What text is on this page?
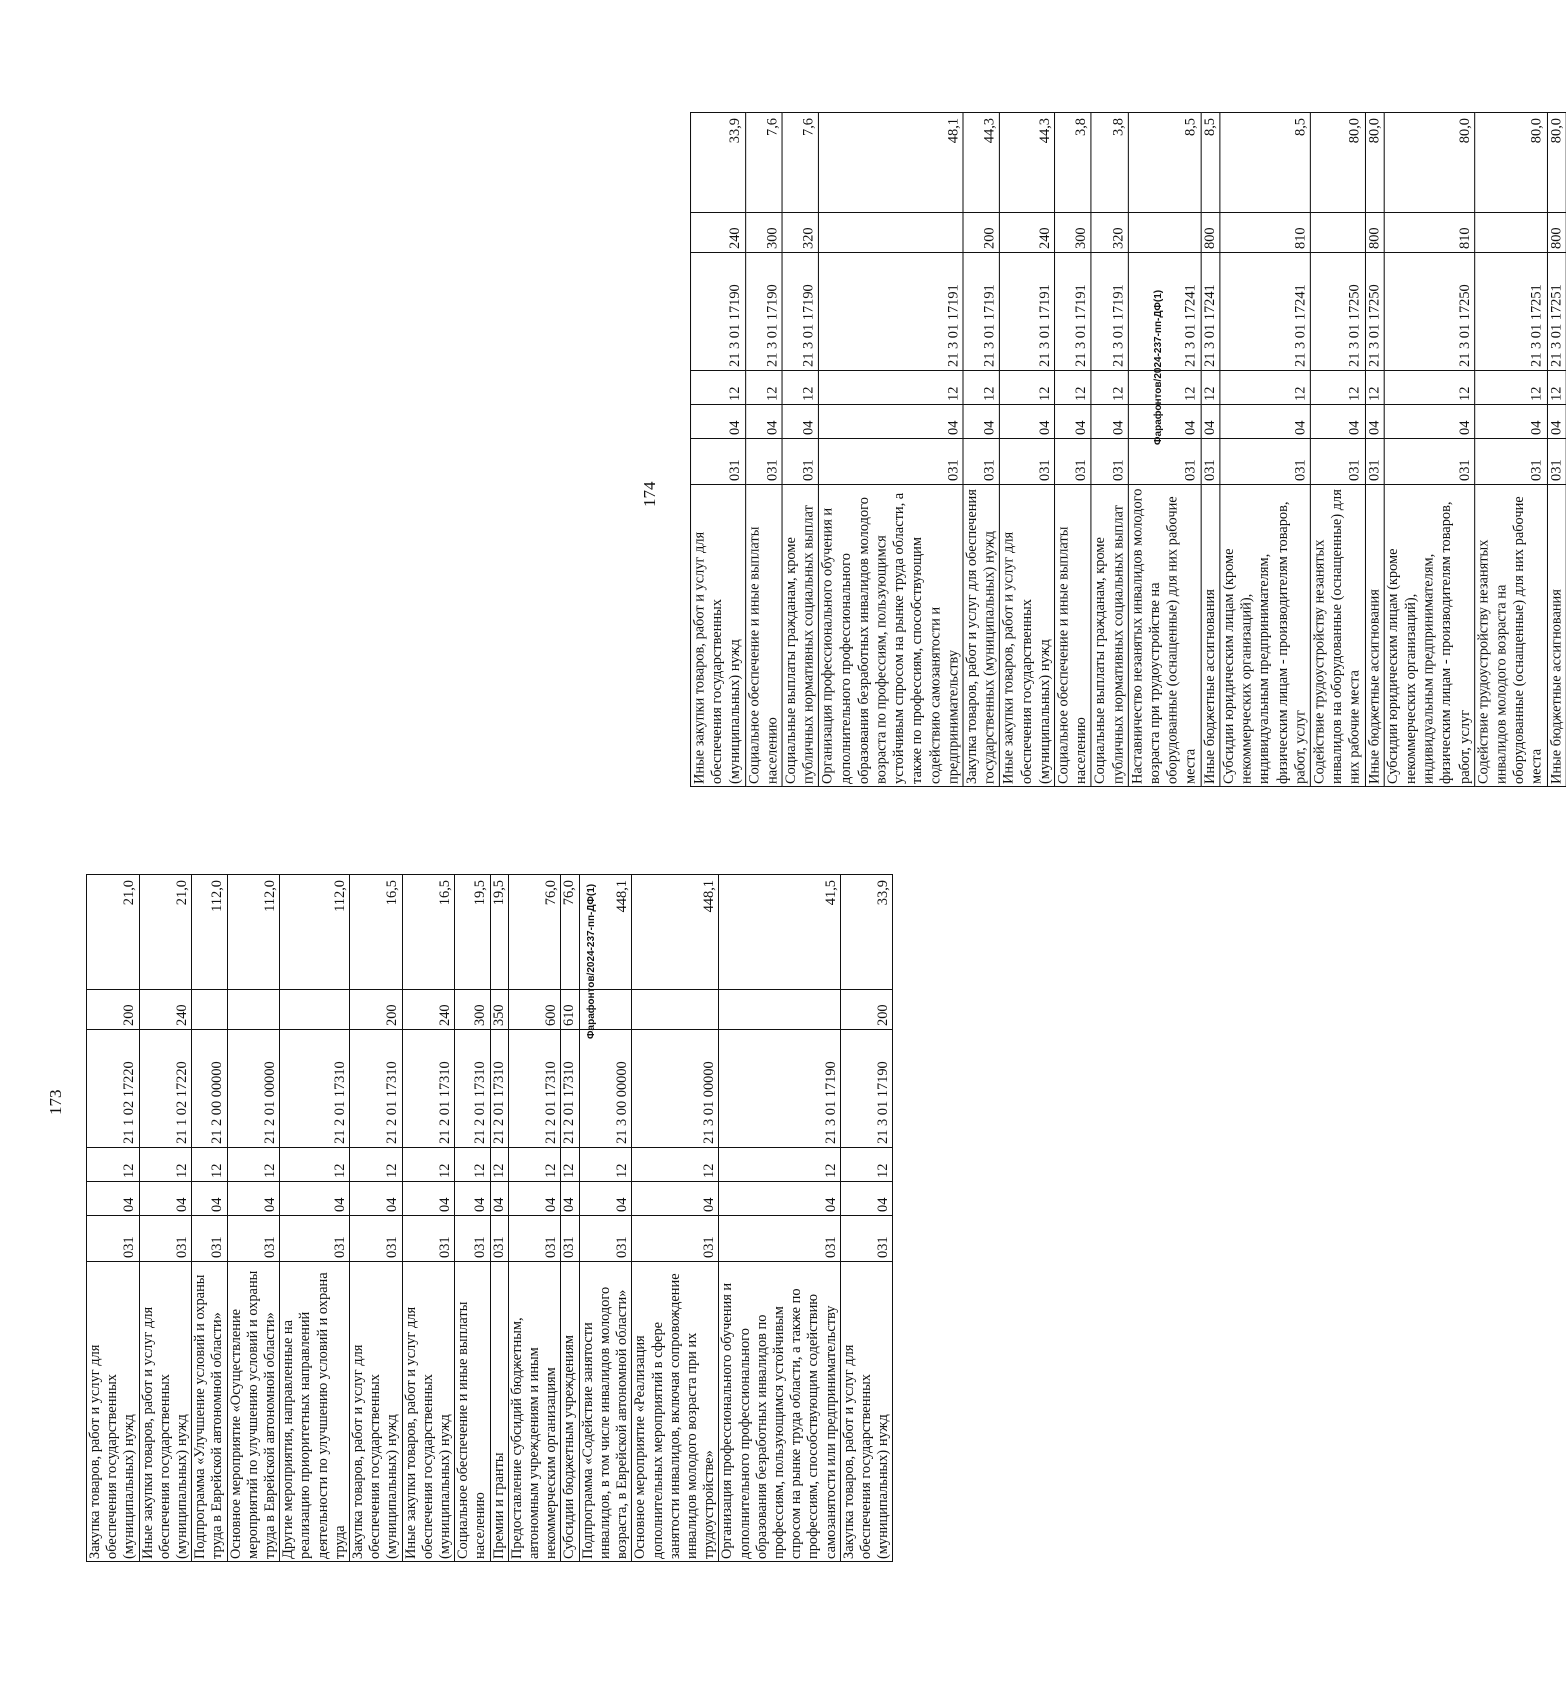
173
Закупка товаров, работ и услуг для обеспечения государственных (муниципальных) нужд	031	04	12	21 1 02 17220	200	21,0
Иные закупки товаров, работ и услуг для обеспечения государственных (муниципальных) нужд	031	04	12	21 1 02 17220	240	21,0
Подпрограмма «Улучшение условий и охраны труда в Еврейской автономной области»	031	04	12	21 2 00 00000		112,0
Основное мероприятие «Осуществление мероприятий по улучшению условий и охраны труда в Еврейской автономной области»	031	04	12	21 2 01 00000		112,0
Другие мероприятия, направленные на реализацию приоритетных направлений деятельности по улучшению условий и охрана труда	031	04	12	21 2 01 17310		112,0
Закупка товаров, работ и услуг для обеспечения государственных (муниципальных) нужд	031	04	12	21 2 01 17310	200	16,5
Иные закупки товаров, работ и услуг для обеспечения государственных (муниципальных) нужд	031	04	12	21 2 01 17310	240	16,5
Социальное обеспечение и иные выплаты населению	031	04	12	21 2 01 17310	300	19,5
Премии и гранты	031	04	12	21 2 01 17310	350	19,5
Предоставление субсидий бюджетным, автономным учреждениям и иным некоммерческим организациям	031	04	12	21 2 01 17310	600	76,0
Субсидии бюджетным учреждениям	031	04	12	21 2 01 17310	610	76,0
Подпрограмма «Содействие занятости инвалидов, в том числе инвалидов молодого возраста, в Еврейской автономной области»	031	04	12	21 3 00 00000		448,1
Основное мероприятие «Реализация дополнительных мероприятий в сфере занятости инвалидов, включая сопровождение инвалидов молодого возраста при их трудоустройстве»	031	04	12	21 3 01 00000		448,1
Организация профессионального обучения и дополнительного профессионального образования безработных инвалидов по профессиям, пользующимся устойчивым спросом на рынке труда области, а также по профессиям, способствующим содействию самозанятости или предпринимательству	031	04	12	21 3 01 17190		41,5
Закупка товаров, работ и услуг для обеспечения государственных (муниципальных) нужд	031	04	12	21 3 01 17190	200	33,9
Фарафонтов/2024-237-пп-ДФ(1)
174
Иные закупки товаров, работ и услуг для обеспечения государственных (муниципальных) нужд	031	04	12	21 3 01 17190	240	33,9
Социальное обеспечение и иные выплаты населению	031	04	12	21 3 01 17190	300	7,6
Социальные выплаты гражданам, кроме публичных нормативных социальных выплат	031	04	12	21 3 01 17190	320	7,6
Организация профессионального обучения и дополнительного профессионального образования безработных инвалидов молодого возраста по профессиям, пользующимся устойчивым спросом на рынке труда области, а также по профессиям, способствующим содействию самозанятости и предпринимательству	031	04	12	21 3 01 17191		48,1
Закупка товаров, работ и услуг для обеспечения государственных (муниципальных) нужд	031	04	12	21 3 01 17191	200	44,3
Иные закупки товаров, работ и услуг для обеспечения государственных (муниципальных) нужд	031	04	12	21 3 01 17191	240	44,3
Социальное обеспечение и иные выплаты населению	031	04	12	21 3 01 17191	300	3,8
Социальные выплаты гражданам, кроме публичных нормативных социальных выплат	031	04	12	21 3 01 17191	320	3,8
Наставничество незанятых инвалидов молодого возраста при трудоустройстве на оборудованные (оснащенные) для них рабочие места	031	04	12	21 3 01 17241		8,5
Иные бюджетные ассигнования	031	04	12	21 3 01 17241	800	8,5
Субсидии юридическим лицам (кроме некоммерческих организаций), индивидуальным предпринимателям, физическим лицам - производителям товаров, работ, услуг	031	04	12	21 3 01 17241	810	8,5
Содействие трудоустройству незанятых инвалидов на оборудованные (оснащенные) для них рабочие места	031	04	12	21 3 01 17250		80,0
Иные бюджетные ассигнования	031	04	12	21 3 01 17250	800	80,0
Субсидии юридическим лицам (кроме некоммерческих организаций), индивидуальным предпринимателям, физическим лицам - производителям товаров, работ, услуг	031	04	12	21 3 01 17250	810	80,0
Содействие трудоустройству незанятых инвалидов молодого возраста на оборудованные (оснащенные) для них рабочие места	031	04	12	21 3 01 17251		80,0
Иные бюджетные ассигнования	031	04	12	21 3 01 17251	800	80,0
Фарафонтов/2024-237-пп-ДФ(1)
